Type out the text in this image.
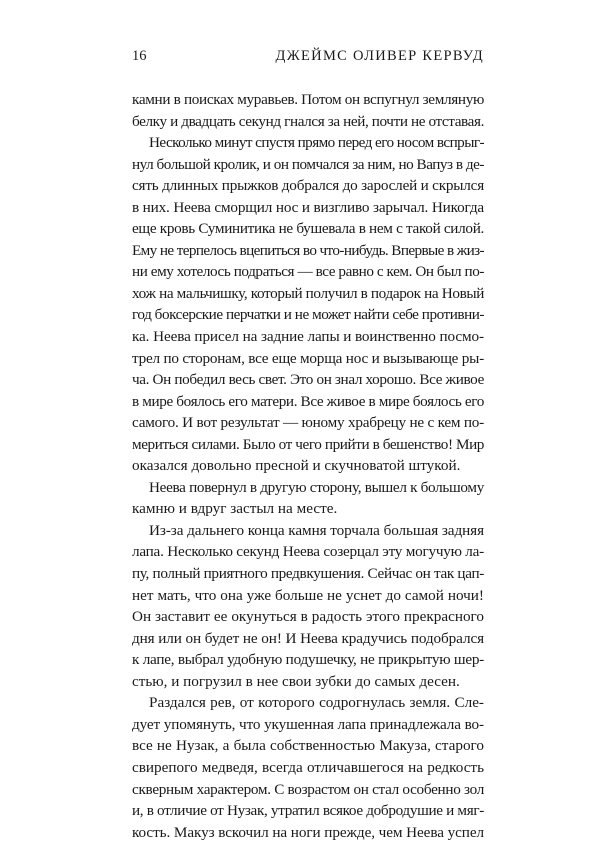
16	ДЖЕЙМС ОЛИВЕР КЕРВУД
камни в поисках муравьев. Потом он вспугнул земляную
белку и двадцать секунд гнался за ней, почти не отставая.
Несколько минут спустя прямо перед его носом вспрыг-
нул большой кролик, и он помчался за ним, но Вапуз в де-
сять длинных прыжков добрался до зарослей и скрылся
в них. Неева сморщил нос и визгливо зарычал. Никогда
еще кровь Суминитика не бушевала в нем с такой силой.
Ему не терпелось вцепиться во что-нибудь. Впервые в жиз-
ни ему хотелось подраться — все равно с кем. Он был по-
хож на мальчишку, который получил в подарок на Новый
год боксерские перчатки и не может найти себе противни-
ка. Неева присел на задние лапы и воинственно посмо-
трел по сторонам, все еще морща нос и вызывающе ры-
ча. Он победил весь свет. Это он знал хорошо. Все живое
в мире боялось его матери. Все живое в мире боялось его
самого. И вот результат — юному храбрецу не с кем по-
мериться силами. Было от чего прийти в бешенство! Мир
оказался довольно пресной и скучноватой штукой.
Неева повернул в другую сторону, вышел к большому
камню и вдруг застыл на месте.
Из-за дальнего конца камня торчала большая задняя
лапа. Несколько секунд Неева созерцал эту могучую ла-
пу, полный приятного предвкушения. Сейчас он так цап-
нет мать, что она уже больше не уснет до самой ночи!
Он заставит ее окунуться в радость этого прекрасного
дня или он будет не он! И Неева крадучись подобрался
к лапе, выбрал удобную подушечку, не прикрытую шер-
стью, и погрузил в нее свои зубки до самых десен.
Раздался рев, от которого содрогнулась земля. Сле-
дует упомянуть, что укушенная лапа принадлежала во-
все не Нузак, а была собственностью Макуза, старого
свирепого медведя, всегда отличавшегося на редкость
скверным характером. С возрастом он стал особенно зол
и, в отличие от Нузак, утратил всякое добродушие и мяг-
кость. Макуз вскочил на ноги прежде, чем Неева успел
